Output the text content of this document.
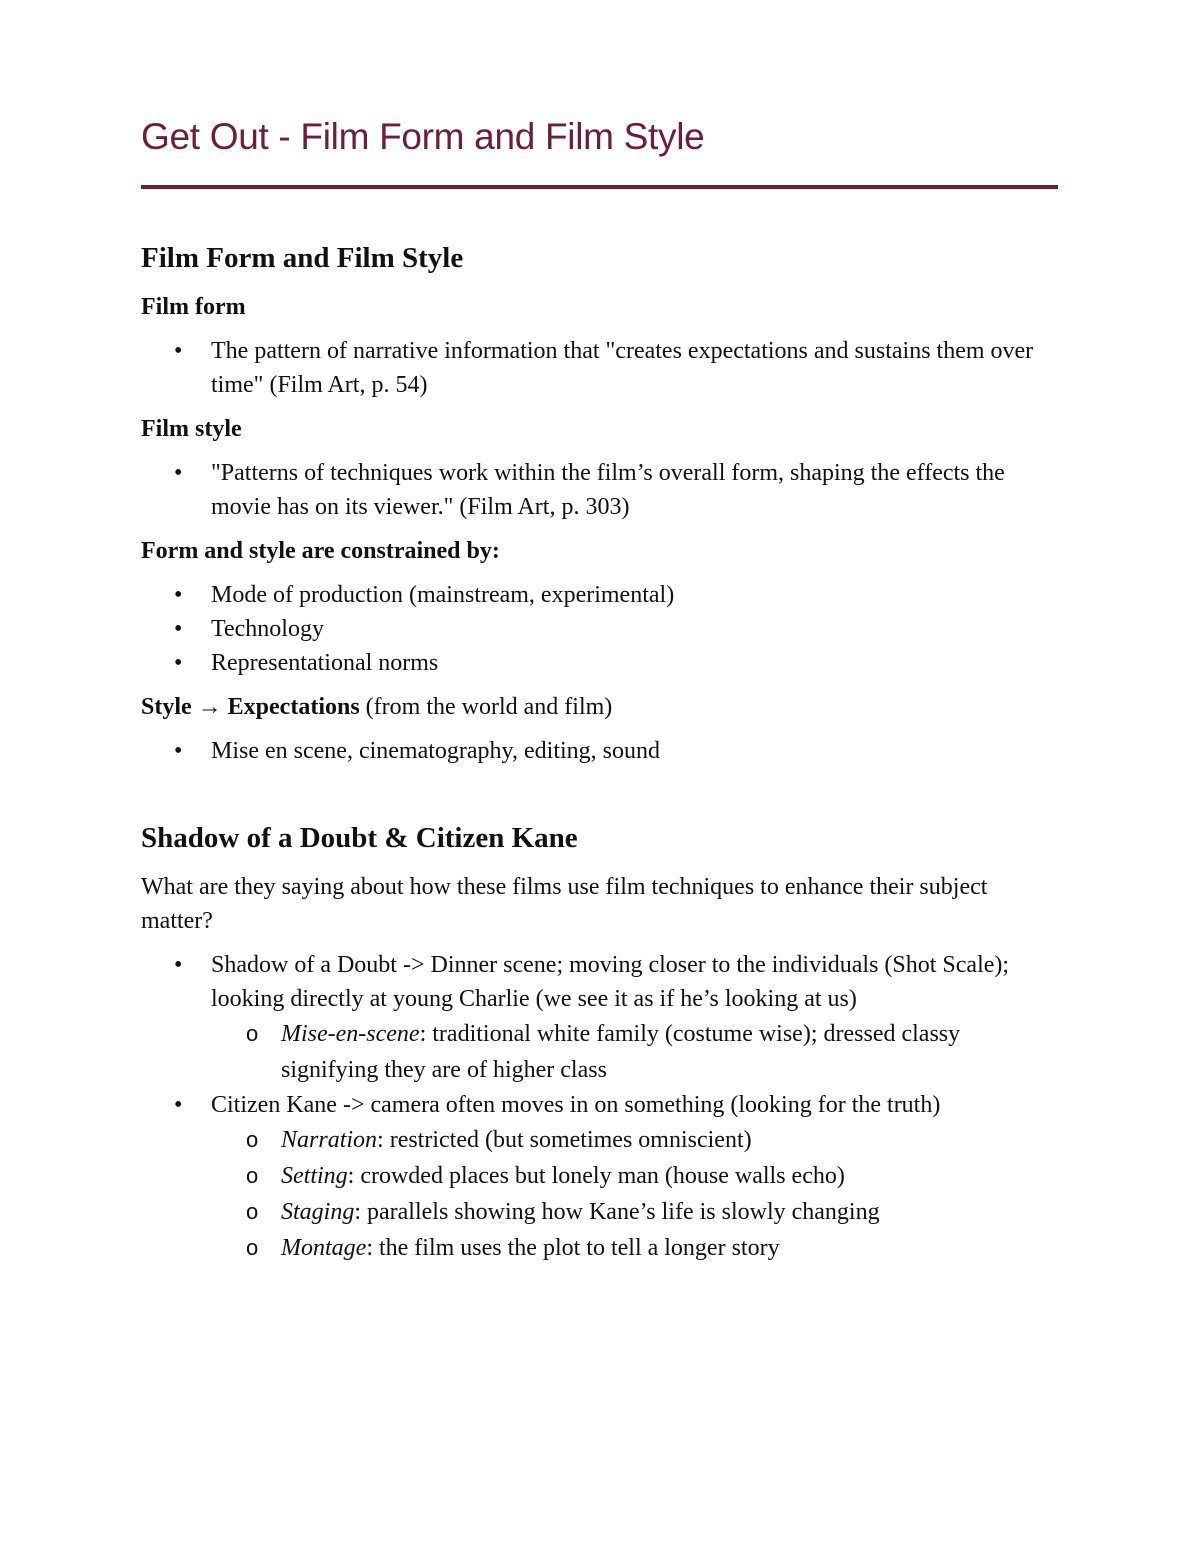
Get Out - Film Form and Film Style
Film Form and Film Style

Film form

• The pattern of narrative information that "creates expectations and sustains them over time" (Film Art, p. 54)

Film style

• "Patterns of techniques work within the film’s overall form, shaping the effects the movie has on its viewer." (Film Art, p. 303)

Form and style are constrained by:

• Mode of production (mainstream, experimental)
• Technology
• Representational norms

Style → Expectations (from the world and film)

• Mise en scene, cinematography, editing, sound
Shadow of a Doubt & Citizen Kane

What are they saying about how these films use film techniques to enhance their subject matter?

• Shadow of a Doubt -> Dinner scene; moving closer to the individuals (Shot Scale); looking directly at young Charlie (we see it as if he’s looking at us)
o Mise-en-scene: traditional white family (costume wise); dressed classy signifying they are of higher class
• Citizen Kane -> camera often moves in on something (looking for the truth)
o Narration: restricted (but sometimes omniscient)
o Setting: crowded places but lonely man (house walls echo)
o Staging: parallels showing how Kane’s life is slowly changing
o Montage: the film uses the plot to tell a longer story
